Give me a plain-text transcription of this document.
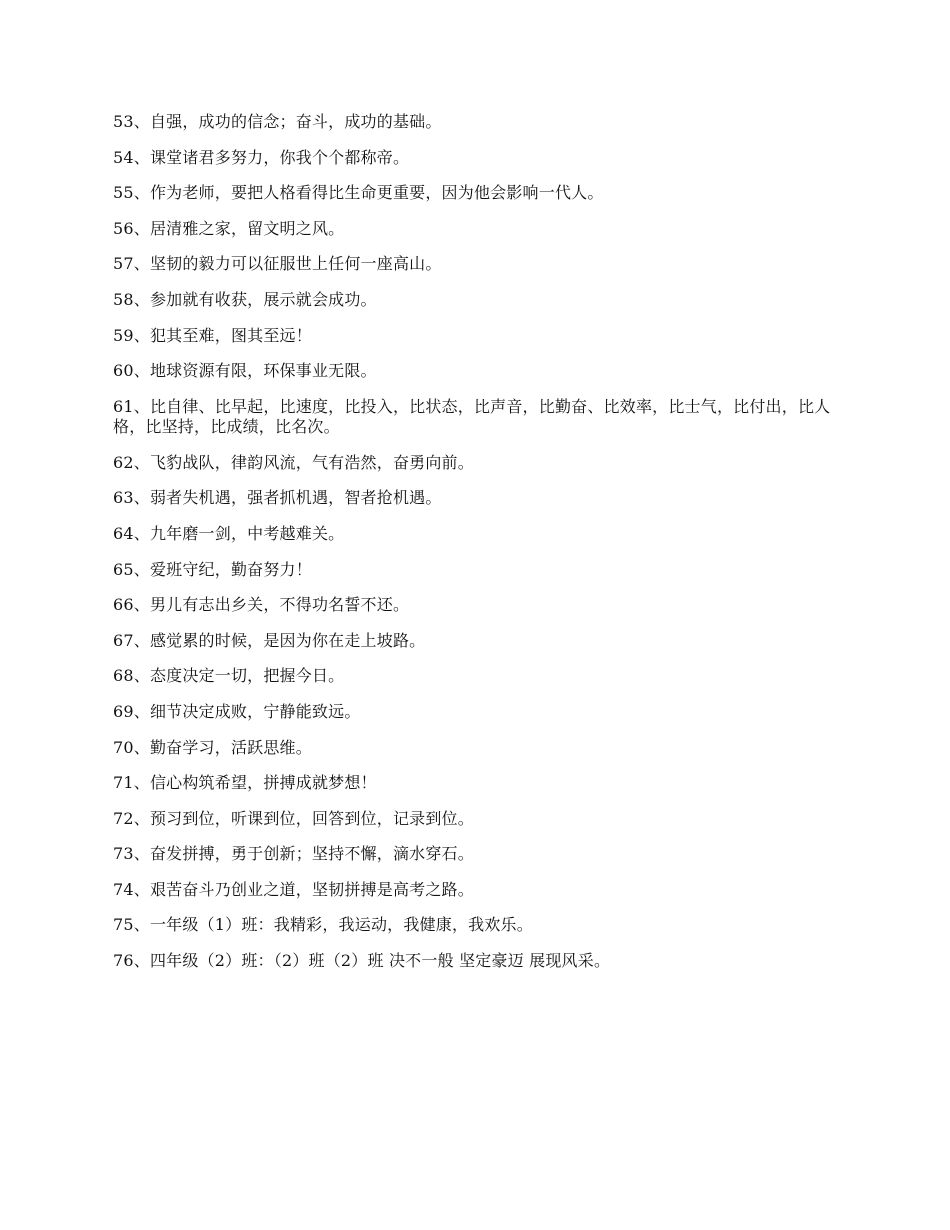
53、自强，成功的信念；奋斗，成功的基础。
54、课堂诸君多努力，你我个个都称帝。
55、作为老师，要把人格看得比生命更重要，因为他会影响一代人。
56、居清雅之家，留文明之风。
57、坚韧的毅力可以征服世上任何一座高山。
58、参加就有收获，展示就会成功。
59、犯其至难，图其至远！
60、地球资源有限，环保事业无限。
61、比自律、比早起，比速度，比投入，比状态，比声音，比勤奋、比效率，比士气，比付出，比人格，比坚持，比成绩，比名次。
62、飞豹战队，律韵风流，气有浩然，奋勇向前。
63、弱者失机遇，强者抓机遇，智者抢机遇。
64、九年磨一剑，中考越难关。
65、爱班守纪，勤奋努力！
66、男儿有志出乡关，不得功名誓不还。
67、感觉累的时候，是因为你在走上坡路。
68、态度决定一切，把握今日。
69、细节决定成败，宁静能致远。
70、勤奋学习，活跃思维。
71、信心构筑希望，拼搏成就梦想！
72、预习到位，听课到位，回答到位，记录到位。
73、奋发拼搏，勇于创新；坚持不懈，滴水穿石。
74、艰苦奋斗乃创业之道，坚韧拼搏是高考之路。
75、一年级（1）班：我精彩，我运动，我健康，我欢乐。
76、四年级（2）班：（2）班（2）班 决不一般 坚定豪迈 展现风采。
